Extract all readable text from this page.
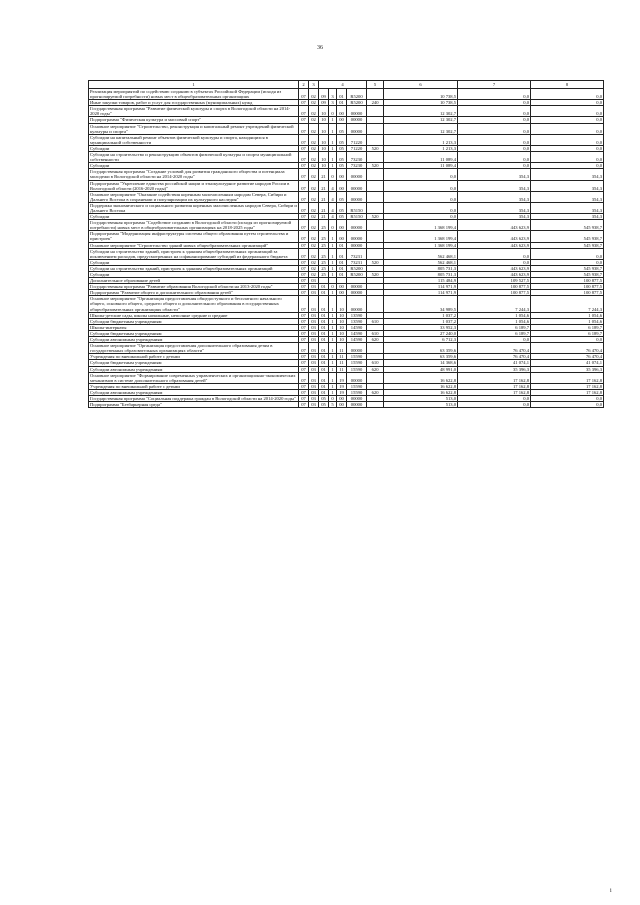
36
1	2	3	4				5	6	7	8
Реализация мероприятий по содействию созданию в субъектах Российской Федерации (исходя из прогнозируемой потребности) новых мест в общеобразовательных организациях	07	02	09	3	01	R5200		10 738,5	0,0	0,0
Иные закупки товаров, работ и услуг для государственных (муниципальных) нужд	07	02	09	3	01	R5200	240	10 738,5	0,0	0,0
Государственная программа "Развитие физической культуры и спорта в Вологодской области на 2014-2020 годы"	07	02	10	0	00	00000		12 302,7	0,0	0,0
Подпрограмма "Физическая культура и массовый спорт"	07	02	10	1	00	00000		12 302,7	0,0	0,0
Основное мероприятие "Строительство, реконструкция и капитальный ремонт учреждений физической культуры и спорта"	07	02	10	1	05	00000		12 302,7	0,0	0,0
Субсидии на капитальный ремонт объектов физической культуры и спорта, находящихся в муниципальной собственности	07	02	10	1	05	71220		1 213,3	0,0	0,0
Субсидии	07	02	10	1	05	71220	520	1 213,3	0,0	0,0
Субсидии на строительство и реконструкцию объектов физической культуры и спорта муниципальной собственности	07	02	10	1	05	73230		11 089,4	0,0	0,0
Субсидии	07	02	10	1	05	73230	520	11 089,4	0,0	0,0
Государственная программа "Создание условий для развития гражданского общества и потенциала молодежи в Вологодской области на 2014-2020 годы"	07	02	21	0	00	00000		0,0	354,3	354,3
Подпрограмма "Укрепление единства российской нации и этнокультурное развитие народов России в Вологодской области (2016-2020 годы)"	07	02	21	4	00	00000		0,0	354,3	354,3
Основное мероприятие "Оказание содействия коренным малочисленным народам Севера, Сибири и Дальнего Востока в сохранении и популяризации их культурного наследия"	07	02	21	4	05	00000		0,0	354,3	354,3
Поддержка экономического и социального развития коренных малочисленных народов Севера, Сибири и Дальнего Востока	07	02	21	4	05	R5150		0,0	354,3	354,3
Субсидии	07	02	21	4	05	R5150	520	0,0	354,3	354,3
Государственная программа "Содействие созданию в Вологодской области (исходя из прогнозируемой потребности) новых мест в общеобразовательных организациях на 2018-2025 годы"	07	02	25	0	00	00000		1 368 199,4	443 623,9	545 938,7
Подпрограмма "Модернизация инфраструктуры системы общего образования путем строительства и пристроек"	07	02	25	1	00	00000		1 368 199,4	443 623,9	545 938,7
Основное мероприятие "Строительство зданий новых общеобразовательных организаций"	07	02	25	1	01	00000		1 368 199,4	443 623,9	545 938,7
Субсидии на строительство зданий, пристроек к зданиям общеобразовательных организаций за исключением расходов, предусмотренных на софинансирование субсидий из федерального бюджета	07	02	25	1	01	73231		562 468,1	0,0	0,0
Субсидии	07	02	25	1	01	73231	520	562 468,1	0,0	0,0
Субсидии на строительство зданий, пристроек к зданиям общеобразовательных организаций	07	02	25	1	01	R5200		805 731,3	443 623,9	545 938,7
Субсидии	07	02	25	1	01	R5200	520	805 731,3	443 623,9	545 938,7
Дополнительное образование детей	07	03						115 484,9	109 527,5	100 877,5
Государственная программа "Развитие образования Вологодской области на 2013-2020 годы"	07	03	01	0	00	00000		114 971,9	100 877,5	100 877,5
Подпрограмма "Развитие общего и дополнительного образования детей"	07	03	01	1	00	00000		114 971,9	100 877,5	100 877,5
Основное мероприятие "Организация предоставления общедоступного и бесплатного начального общего, основного общего, среднего общего и дополнительного образования в государственных общеобразовательных организациях области"	07	03	01	1	10	00000		34 989,5	7 244,3	7 244,3
Школы-детские сады, школы начальные, неполные средние и средние	07	03	01	1	10	13590		1 037,2	1 054,6	1 054,6
Субсидии бюджетным учреждениям	07	03	01	1	10	13590	610	1 037,2	1 054,6	1 054,6
Школы-интернаты	07	03	01	1	10	14590		33 952,3	6 189,7	6 189,7
Субсидии бюджетным учреждениям	07	03	01	1	10	14590	610	27 240,0	6 189,7	6 189,7
Субсидии автономным учреждениям	07	03	01	1	10	14590	620	6 712,3	0,0	0,0
Основное мероприятие "Организация предоставления дополнительного образования детям в государственных образовательных организациях области"	07	03	01	1	11	00000		63 359,6	76 470,4	76 470,4
Учреждения по внешкольной работе с детьми	07	03	01	1	11	15590		63 359,6	76 470,4	76 470,4
Субсидии бюджетным учреждениям	07	03	01	1	11	15590	610	14 368,6	41 074,1	41 074,1
Субсидии автономным учреждениям	07	03	01	1	11	15590	620	48 991,0	35 396,3	35 396,3
Основное мероприятие "Формирование современных управленческих и организационно-экономических механизмов в системе дополнительного образования детей"	07	03	01	1	19	00000		16 622,8	17 162,8	17 162,8
Учреждения по внешкольной работе с детьми	07	03	01	1	19	15590		16 622,8	17 162,8	17 162,8
Субсидии автономным учреждениям	07	03	01	1	19	15590	620	16 622,8	17 162,8	17 162,8
Государственная программа "Социальная поддержка граждан в Вологодской области на 2014-2020 годы"	07	03	05	0	00	00000		513,0	0,0	0,0
Подпрограмма "Безбарьерная среда"	07	03	05	5	00	00000		513,0	0,0	0,0
i
